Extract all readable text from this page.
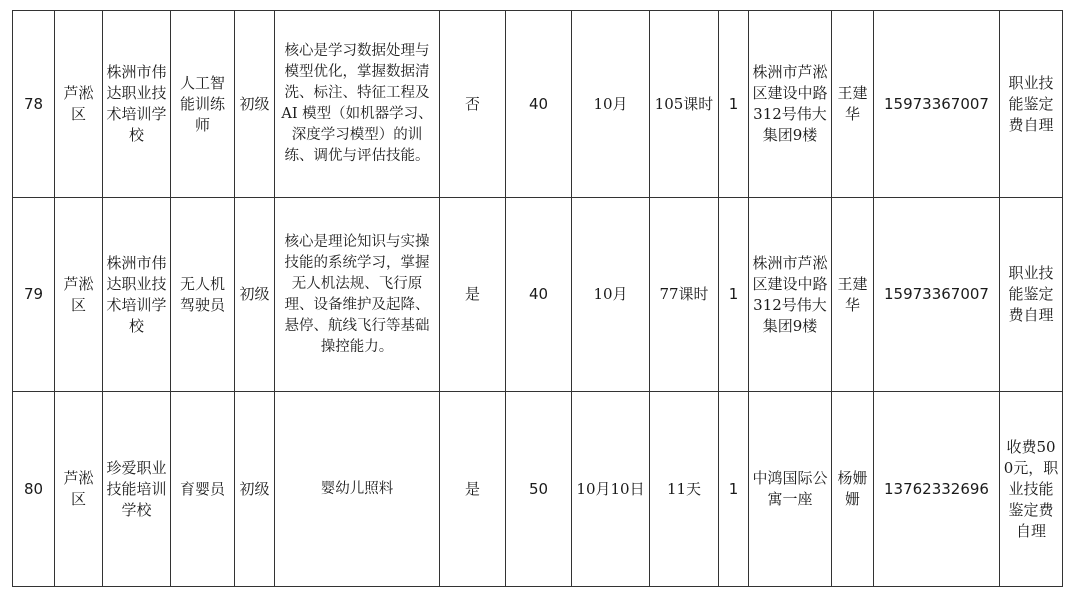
78	芦淞区	株洲市伟达职业技术培训学校	人工智能训练师	初级	核心是学习数据处理与模型优化，掌握数据清洗、标注、特征工程及 AI 模型（如机器学习、深度学习模型）的训练、调优与评估技能。	否	40	10月	105课时	1	株洲市芦淞区建设中路312号伟大集团9楼	王建华	15973367007	职业技能鉴定费自理
79	芦淞区	株洲市伟达职业技术培训学校	无人机驾驶员	初级	核心是理论知识与实操技能的系统学习，掌握无人机法规、飞行原理、设备维护及起降、悬停、航线飞行等基础操控能力。	是	40	10月	77课时	1	株洲市芦淞区建设中路312号伟大集团9楼	王建华	15973367007	职业技能鉴定费自理
80	芦淞区	珍爱职业技能培训学校	育婴员	初级	婴幼儿照料	是	50	10月10日	11天	1	中鸿国际公寓一座	杨姗姗	13762332696	收费500元，职业技能鉴定费自理
